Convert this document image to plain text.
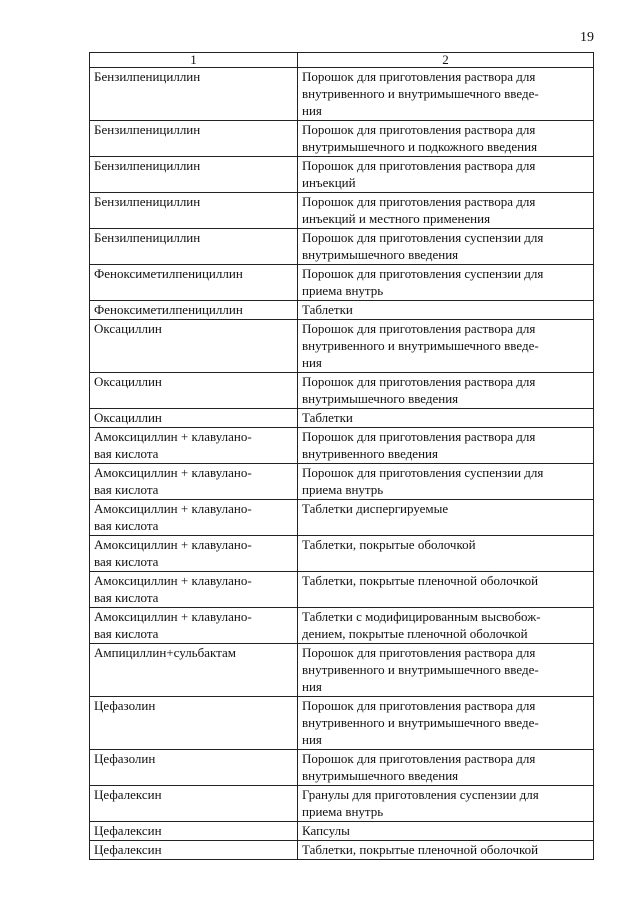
19
1	2

Бензилпенициллин	Порошок для приготовления раствора для
внутривенного и внутримышечного введе-
ния

Бензилпенициллин	Порошок для приготовления раствора для
внутримышечного и подкожного введения

Бензилпенициллин	Порошок для приготовления раствора для
инъекций

Бензилпенициллин	Порошок для приготовления раствора для
инъекций и местного применения

Бензилпенициллин	Порошок для приготовления суспензии для
внутримышечного введения

Феноксиметилпенициллин	Порошок для приготовления суспензии для
приема внутрь

Феноксиметилпенициллин	Таблетки

Оксациллин	Порошок для приготовления раствора для
внутривенного и внутримышечного введе-
ния

Оксациллин	Порошок для приготовления раствора для
внутримышечного введения

Оксациллин	Таблетки

Амоксициллин + клавулано-
вая кислота	Порошок для приготовления раствора для
внутривенного введения

Амоксициллин + клавулано-
вая кислота	Порошок для приготовления суспензии для
приема внутрь

Амоксициллин + клавулано-
вая кислота	Таблетки диспергируемые

Амоксициллин + клавулано-
вая кислота	Таблетки, покрытые оболочкой

Амоксициллин + клавулано-
вая кислота	Таблетки, покрытые пленочной оболочкой

Амоксициллин + клавулано-
вая кислота	Таблетки с модифицированным высвобож-
дением, покрытые пленочной оболочкой

Ампициллин+сульбактам	Порошок для приготовления раствора для
внутривенного и внутримышечного введе-
ния

Цефазолин	Порошок для приготовления раствора для
внутривенного и внутримышечного введе-
ния

Цефазолин	Порошок для приготовления раствора для
внутримышечного введения

Цефалексин	Гранулы для приготовления суспензии для
приема внутрь

Цефалексин	Капсулы

Цефалексин	Таблетки, покрытые пленочной оболочкой
